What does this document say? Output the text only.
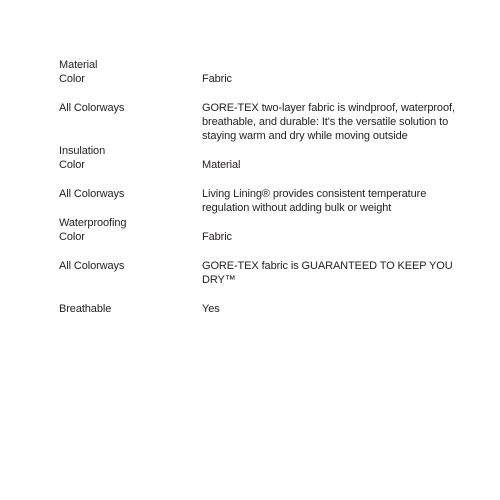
Material
Color	Fabric
All Colorways	GORE-TEX two-layer fabric is windproof, waterproof, breathable, and durable: It's the versatile solution to staying warm and dry while moving outside
Insulation
Color	Material
All Colorways	Living Lining® provides consistent temperature regulation without adding bulk or weight
Waterproofing
Color	Fabric
All Colorways	GORE-TEX fabric is GUARANTEED TO KEEP YOU DRY™
Breathable	Yes
